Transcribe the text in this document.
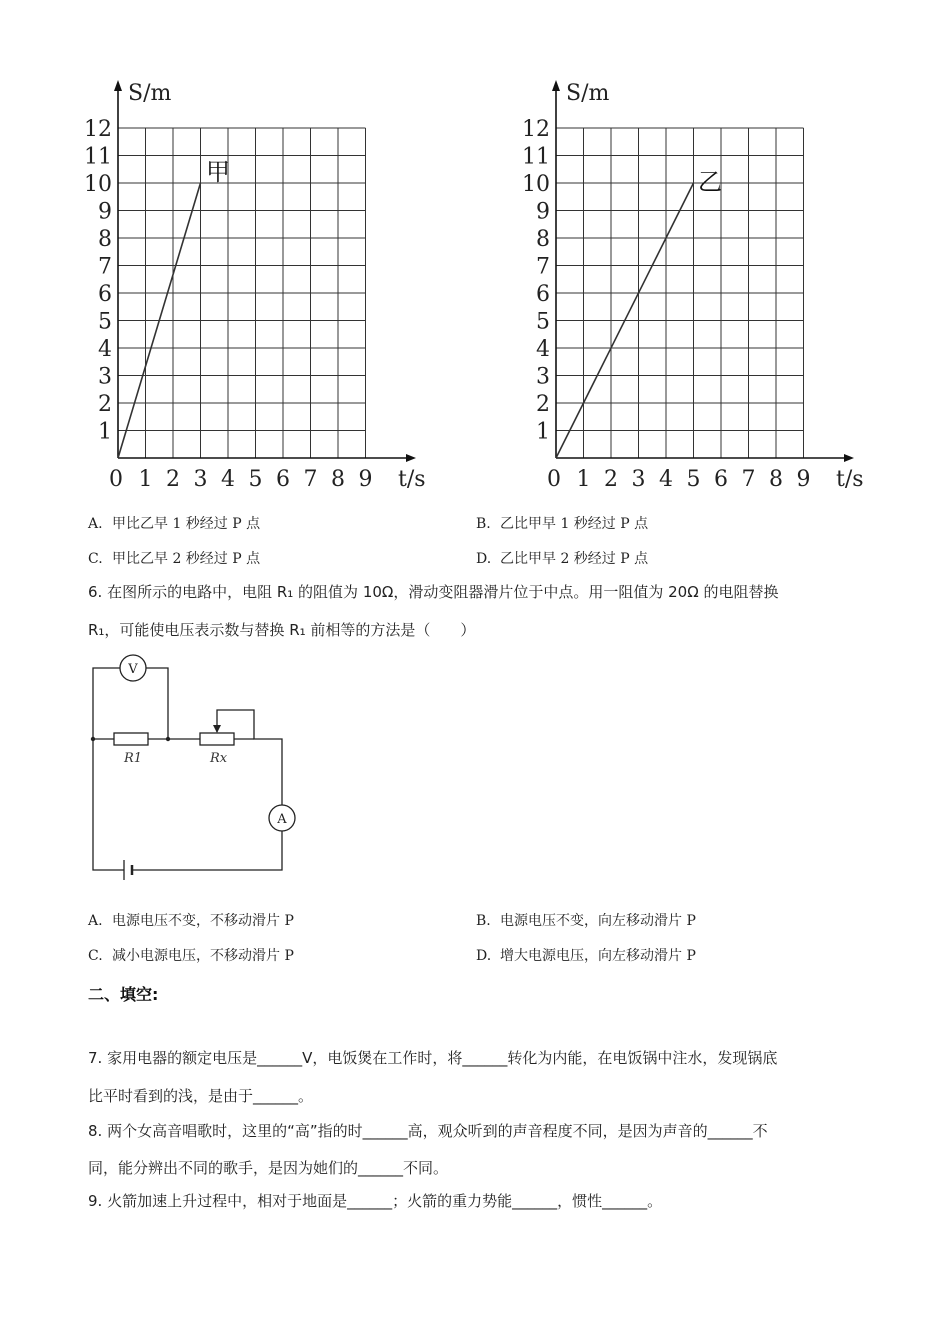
12
11
10
9
8
7
6
5
4
3
2
1
0 1 2 3 4 5 6 7 8 9
S/m
t/s
甲
12
11
10
9
8
7
6
5
4
3
2
1
0 1 2 3 4 5 6 7 8 9
S/m
t/s
乙
A. 甲比乙早 1 秒经过 P 点	B. 乙比甲早 1 秒经过 P 点
C. 甲比乙早 2 秒经过 P 点	D. 乙比甲早 2 秒经过 P 点
6. 在图所示的电路中，电阻 R₁ 的阻值为 10Ω，滑动变阻器滑片位于中点。用一阻值为 20Ω 的电阻替换
R₁，可能使电压表示数与替换 R₁ 前相等的方法是（　　）
V
A
R1	Rx
A. 电源电压不变，不移动滑片 P	B. 电源电压不变，向左移动滑片 P
C. 减小电源电压，不移动滑片 P	D. 增大电源电压，向左移动滑片 P
二、填空:
7. 家用电器的额定电压是______V，电饭煲在工作时，将______转化为内能，在电饭锅中注水，发现锅底
比平时看到的浅，是由于______。
8. 两个女高音唱歌时，这里的“高”指的时______高，观众听到的声音程度不同，是因为声音的______不
同，能分辨出不同的歌手，是因为她们的______不同。
9. 火箭加速上升过程中，相对于地面是______；火箭的重力势能______，惯性______。
